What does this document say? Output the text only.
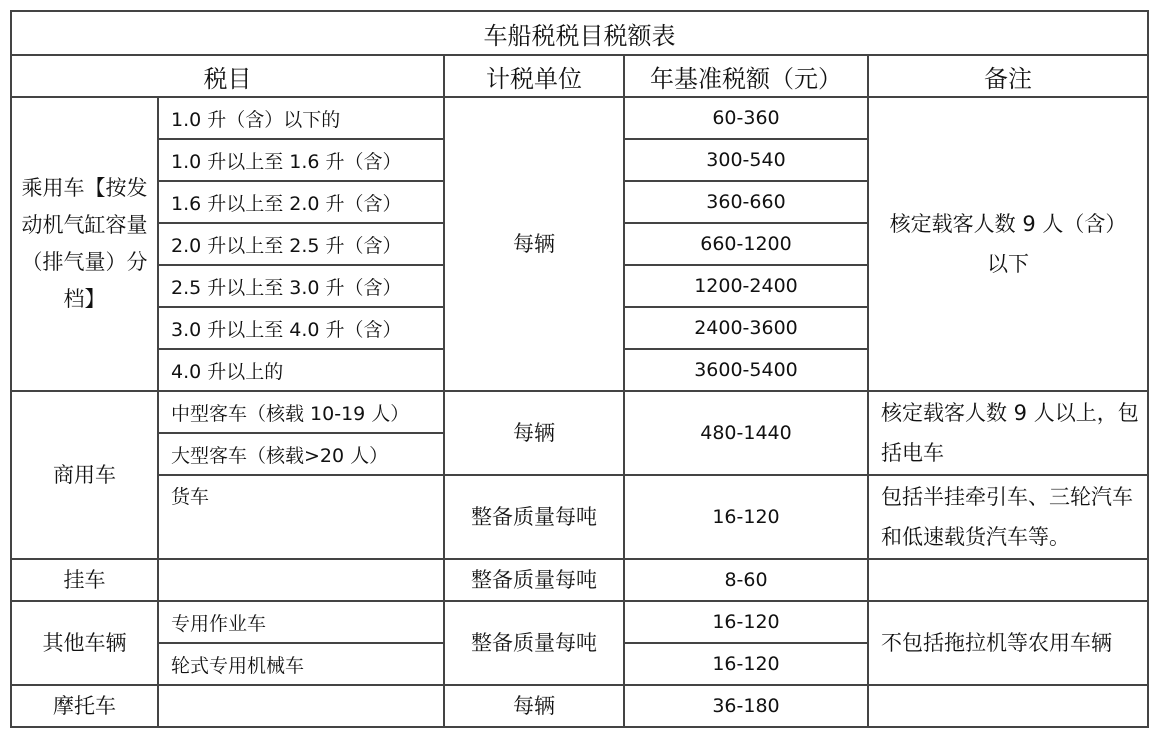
车船税税目税额表				
税目		计税单位	年基准税额（元）	备注
乘用车【按发动机气缸容量（排气量）分档】	1.0 升（含）以下的	每辆	60-360	核定载客人数 9 人（含）以下
	1.0 升以上至 1.6 升（含）		300-540	
	1.6 升以上至 2.0 升（含）		360-660	
	2.0 升以上至 2.5 升（含）		660-1200	
	2.5 升以上至 3.0 升（含）		1200-2400	
	3.0 升以上至 4.0 升（含）		2400-3600	
	4.0 升以上的		3600-5400	
商用车	中型客车（核载 10-19 人）	每辆	480-1440	核定载客人数 9 人以上，包括电车
	大型客车（核载>20 人）			
	货车	整备质量每吨	16-120	包括半挂牵引车、三轮汽车和低速载货汽车等。
挂车		整备质量每吨	8-60	
其他车辆	专用作业车	整备质量每吨	16-120	不包括拖拉机等农用车辆
	轮式专用机械车		16-120	
摩托车		每辆	36-180	
